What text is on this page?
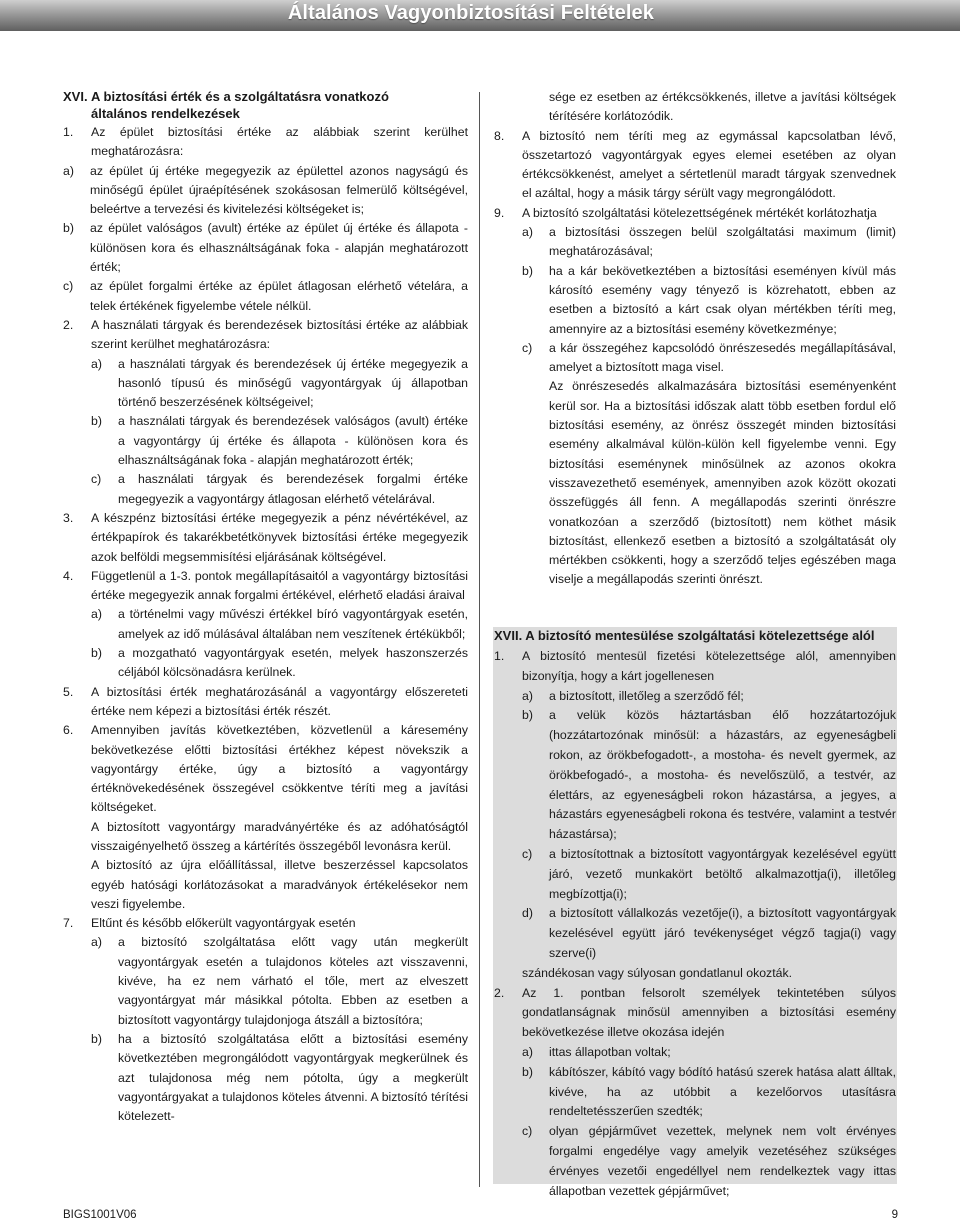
Általános Vagyonbiztosítási Feltételek
XVI. A biztosítási érték és a szolgáltatásra vonatkozó
általános rendelkezések
1.	Az épület biztosítási értéke az alábbiak szerint kerülhet meghatározásra:
a)	az épület új értéke megegyezik az épülettel azonos nagyságú és minőségű épület újraépítésének szokásosan felmerülő költségével, beleértve a tervezési és kivitelezési költségeket is;
b)	az épület valóságos (avult) értéke az épület új értéke és állapota - különösen kora és elhasználtságának foka - alapján meghatározott érték;
c)	az épület forgalmi értéke az épület átlagosan elérhető vételára, a telek értékének figyelembe vétele nélkül.
2.	A használati tárgyak és berendezések biztosítási értéke az alábbiak szerint kerülhet meghatározásra:
a)	a használati tárgyak és berendezések új értéke megegyezik a hasonló típusú és minőségű vagyontárgyak új állapotban történő beszerzésének költségeivel;
b)	a használati tárgyak és berendezések valóságos (avult) értéke a vagyontárgy új értéke és állapota - különösen kora és elhasználtságának foka - alapján meghatározott érték;
c)	a használati tárgyak és berendezések forgalmi értéke megegyezik a vagyontárgy átlagosan elérhető vételárával.
3.	A készpénz biztosítási értéke megegyezik a pénz névértékével, az értékpapírok és takarékbetétkönyvek biztosítási értéke megegyezik azok belföldi megsemmisítési eljárásának költségével.
4.	Függetlenül a 1-3. pontok megállapításaitól a vagyontárgy biztosítási értéke megegyezik annak forgalmi értékével, elérhető eladási áraival
a)	a történelmi vagy művészi értékkel bíró vagyontárgyak esetén, amelyek az idő múlásával általában nem veszítenek értékükből;
b)	a mozgatható vagyontárgyak esetén, melyek haszonszerzés céljából kölcsönadásra kerülnek.
5.	A biztosítási érték meghatározásánál a vagyontárgy előszereteti értéke nem képezi a biztosítási érték részét.
6.	Amennyiben javítás következtében, közvetlenül a káresemény bekövetkezése előtti biztosítási értékhez képest növekszik a vagyontárgy értéke, úgy a biztosító a vagyontárgy értéknövekedésének összegével csökkentve téríti meg a javítási költségeket.
A biztosított vagyontárgy maradványértéke és az adóhatóságtól visszaigényelhető összeg a kártérítés összegéből levonásra kerül.
A biztosító az újra előállítással, illetve beszerzéssel kapcsolatos egyéb hatósági korlátozásokat a maradványok értékelésekor nem veszi figyelembe.
7.	Eltűnt és később előkerült vagyontárgyak esetén
a)	a biztosító szolgáltatása előtt vagy után megkerült vagyontárgyak esetén a tulajdonos köteles azt visszavenni, kivéve, ha ez nem várható el tőle, mert az elveszett vagyontárgyat már másikkal pótolta. Ebben az esetben a biztosított vagyontárgy tulajdonjoga átszáll a biztosítóra;
b)	ha a biztosító szolgáltatása előtt a biztosítási esemény következtében megrongálódott vagyontárgyak megkerülnek és azt tulajdonosa még nem pótolta, úgy a megkerült vagyontárgyakat a tulajdonos köteles átvenni. A biztosító térítési kötelezett-
sége ez esetben az értékcsökkenés, illetve a javítási költségek térítésére korlátozódik.
8.	A biztosító nem téríti meg az egymással kapcsolatban lévő, összetartozó vagyontárgyak egyes elemei esetében az olyan értékcsökkenést, amelyet a sértetlenül maradt tárgyak szenvednek el azáltal, hogy a másik tárgy sérült vagy megrongálódott.
9.	A biztosító szolgáltatási kötelezettségének mértékét korlátozhatja
a)	a biztosítási összegen belül szolgáltatási maximum (limit) meghatározásával;
b)	ha a kár bekövetkeztében a biztosítási eseményen kívül más károsító esemény vagy tényező is közrehatott, ebben az esetben a biztosító a kárt csak olyan mértékben téríti meg, amennyire az a biztosítási esemény következménye;
c)	a kár összegéhez kapcsolódó önrészesedés megállapításával, amelyet a biztosított maga visel.
Az önrészesedés alkalmazására biztosítási eseményenként kerül sor. Ha a biztosítási időszak alatt több esetben fordul elő biztosítási esemény, az önrész összegét minden biztosítási esemény alkalmával külön-külön kell figyelembe venni. Egy biztosítási eseménynek minősülnek az azonos okokra visszavezethető események, amennyiben azok között okozati összefüggés áll fenn. A megállapodás szerinti önrészre vonatkozóan a szerződő (biztosított) nem köthet másik biztosítást, ellenkező esetben a biztosító a szolgáltatását oly mértékben csökkenti, hogy a szerződő teljes egészében maga viselje a megállapodás szerinti önrészt.
XVII. A biztosító mentesülése szolgáltatási kötelezettsége alól
1.	A biztosító mentesül fizetési kötelezettsége alól, amennyiben bizonyítja, hogy a kárt jogellenesen
a)	a biztosított, illetőleg a szerződő fél;
b)	a velük közös háztartásban élő hozzátartozójuk (hozzátartozónak minősül: a házastárs, az egyeneságbeli rokon, az örökbefogadott-, a mostoha- és nevelt gyermek, az örökbefogadó-, a mostoha- és nevelőszülő, a testvér, az élettárs, az egyeneságbeli rokon házastársa, a jegyes, a házastárs egyeneságbeli rokona és testvére, valamint a testvér házastársa);
c)	a biztosítottnak a biztosított vagyontárgyak kezelésével együtt járó, vezető munkakört betöltő alkalmazottja(i), illetőleg megbízottja(i);
d)	a biztosított vállalkozás vezetője(i), a biztosított vagyontárgyak kezelésével együtt járó tevékenységet végző tagja(i) vagy szerve(i)
szándékosan vagy súlyosan gondatlanul okozták.
2.	Az 1. pontban felsorolt személyek tekintetében súlyos gondatlanságnak minősül amennyiben a biztosítási esemény bekövetkezése illetve okozása idején
a)	ittas állapotban voltak;
b)	kábítószer, kábító vagy bódító hatású szerek hatása alatt álltak, kivéve, ha az utóbbit a kezelőorvos utasításra rendeltetésszerűen szedték;
c)	olyan gépjárművet vezettek, melynek nem volt érvényes forgalmi engedélye vagy amelyik vezetéséhez szükséges érvényes vezetői engedéllyel nem rendelkeztek vagy ittas állapotban vezettek gépjárművet;
BIGS1001V06	9
